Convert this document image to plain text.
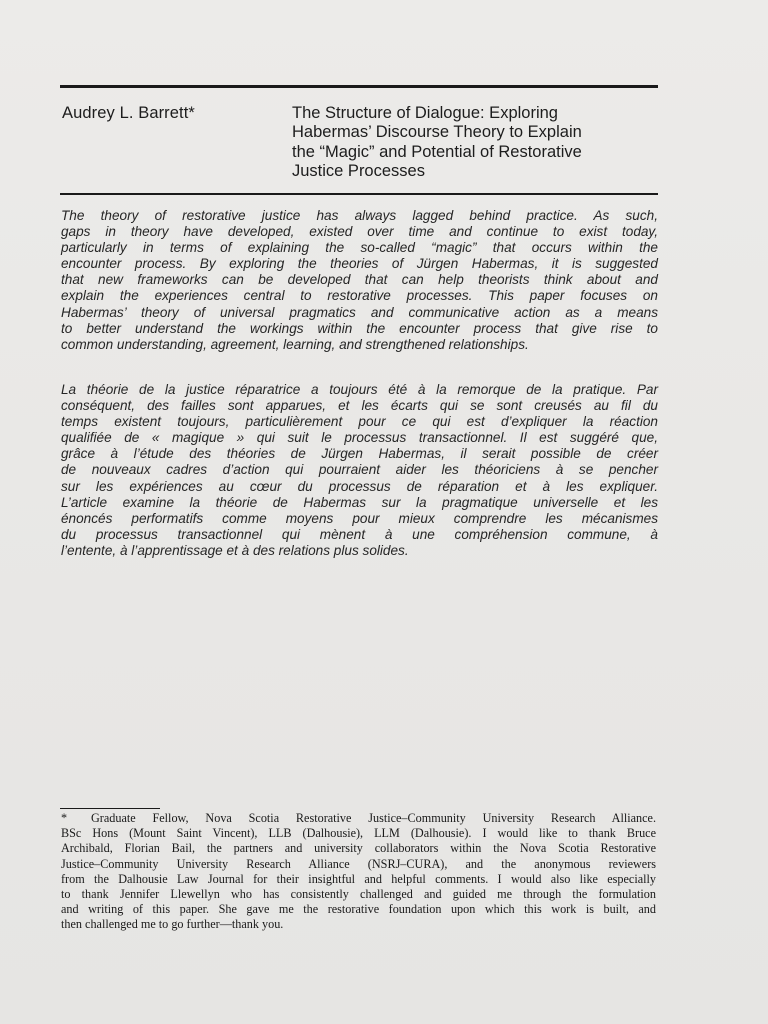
Audrey L. Barrett*	The Structure of Dialogue: Exploring
Habermas’ Discourse Theory to Explain
the “Magic” and Potential of Restorative
Justice Processes
The theory of restorative justice has always lagged behind practice. As such,
gaps in theory have developed, existed over time and continue to exist today,
particularly in terms of explaining the so-called “magic” that occurs within the
encounter process. By exploring the theories of Jürgen Habermas, it is suggested
that new frameworks can be developed that can help theorists think about and
explain the experiences central to restorative processes. This paper focuses on
Habermas’ theory of universal pragmatics and communicative action as a means
to better understand the workings within the encounter process that give rise to
common understanding, agreement, learning, and strengthened relationships.
La théorie de la justice réparatrice a toujours été à la remorque de la pratique. Par
conséquent, des failles sont apparues, et les écarts qui se sont creusés au fil du
temps existent toujours, particulièrement pour ce qui est d’expliquer la réaction
qualifiée de « magique » qui suit le processus transactionnel. Il est suggéré que,
grâce à l’étude des théories de Jürgen Habermas, il serait possible de créer
de nouveaux cadres d’action qui pourraient aider les théoriciens à se pencher
sur les expériences au cœur du processus de réparation et à les expliquer.
L’article examine la théorie de Habermas sur la pragmatique universelle et les
énoncés performatifs comme moyens pour mieux comprendre les mécanismes
du processus transactionnel qui mènent à une compréhension commune, à
l’entente, à l’apprentissage et à des relations plus solides.
* Graduate Fellow, Nova Scotia Restorative Justice–Community University Research Alliance.
BSc Hons (Mount Saint Vincent), LLB (Dalhousie), LLM (Dalhousie). I would like to thank Bruce
Archibald, Florian Bail, the partners and university collaborators within the Nova Scotia Restorative
Justice–Community University Research Alliance (NSRJ–CURA), and the anonymous reviewers
from the Dalhousie Law Journal for their insightful and helpful comments. I would also like especially
to thank Jennifer Llewellyn who has consistently challenged and guided me through the formulation
and writing of this paper. She gave me the restorative foundation upon which this work is built, and
then challenged me to go further—thank you.
